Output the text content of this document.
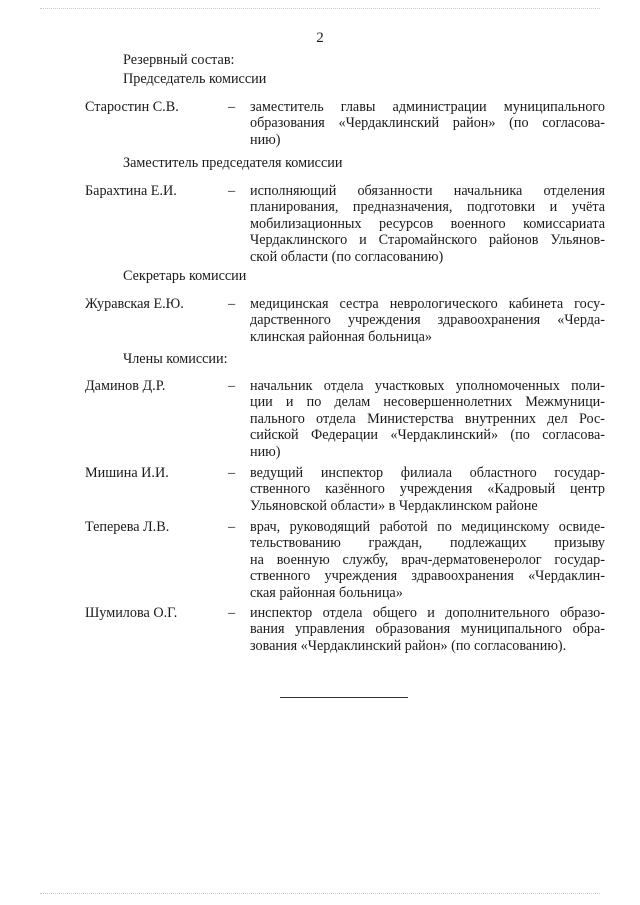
2
Резервный состав:
Председатель комиссии
Старостин С.В.	– заместитель главы администрации муниципального
образования «Чердаклинский район» (по согласова-
нию)
Заместитель председателя комиссии
Барахтина Е.И.	– исполняющий обязанности начальника отделения
планирования, предназначения, подготовки и учёта
мобилизационных ресурсов военного комиссариата
Чердаклинского и Старомайнского районов Ульянов-
ской области (по согласованию)
Секретарь комиссии
Журавская Е.Ю.	– медицинская сестра неврологического кабинета госу-
дарственного учреждения здравоохранения «Черда-
клинская районная больница»
Члены комиссии:
Даминов Д.Р.	– начальник отдела участковых уполномоченных поли-
ции и по делам несовершеннолетних Межмуници-
пального отдела Министерства внутренних дел Рос-
сийской Федерации «Чердаклинский» (по согласова-
нию)
Мишина И.И.	– ведущий инспектор филиала областного государ-
ственного казённого учреждения «Кадровый центр
Ульяновской области» в Чердаклинском районе
Теперева Л.В.	– врач, руководящий работой по медицинскому освиде-
тельствованию граждан, подлежащих призыву
на военную службу, врач-дерматовенеролог государ-
ственного учреждения здравоохранения «Чердаклин-
ская районная больница»
Шумилова О.Г.	– инспектор отдела общего и дополнительного образо-
вания управления образования муниципального обра-
зования «Чердаклинский район» (по согласованию).
